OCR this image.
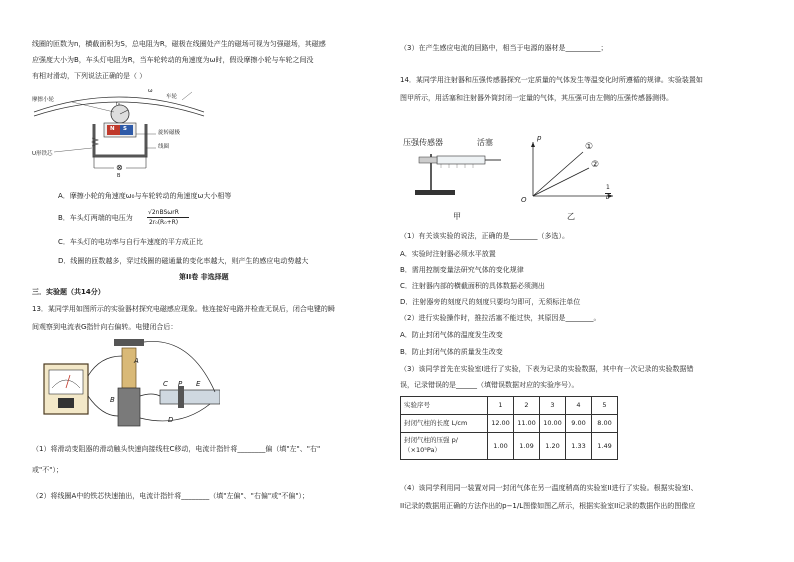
线圈的匝数为n，横截面积为S，总电阻为R，磁极在线圈处产生的磁场可视为匀强磁场，其磁感
应强度大小为B，车头灯电阻为R，当车轮转动的角速度为ω时，假设摩擦小轮与车轮之间没
有相对滑动，下列说法正确的是（ ）
摩擦小轮
ω
车轮
r₀
N S
旋转磁极
线圈
U形铁芯
⊗
B
A．摩擦小轮的角速度ω₀与车轮转动的角速度ω大小相等
B．车头灯两端的电压为
√2nBSωrR
2r₀(R₀+R)
C．车头灯的电功率与自行车速度的平方成正比
D．线圈的匝数越多，穿过线圈的磁通量的变化率越大，则产生的感应电动势越大
第II卷 非选择题
三．实验题（共14分）
13．某同学用如图所示的实验器材探究电磁感应现象。他连接好电路并检查无误后，闭合电键的瞬
间观察到电流表G指针向右偏转。电键闭合后：
A
B
C P E
D
（1）将滑动变阻器的滑动触头快速向接线柱C移动，电流计指针将________偏（填"左"、"右"
或"不"）；
（2）将线圈A中的铁芯快速抽出，电流计指针将________（填"左偏"、"右偏"或"不偏"）；
（3）在产生感应电流的回路中，相当于电源的器材是__________；
14．某同学用注射器和压强传感器探究一定质量的气体发生等温变化时所遵循的规律。实验装置如
图甲所示，用活塞和注射器外筒封闭一定量的气体，其压强可由左侧的压强传感器测得。
压强传感器	活塞
甲
p
O
1
L
①
②
乙
（1）有关该实验的说法，正确的是________（多选）。
A．实验时注射器必须水平放置
B．需用控制变量法研究气体的变化规律
C．注射器内部的横截面积的具体数据必须测出
D．注射器旁的刻度尺的刻度只要均匀即可，无须标注单位
（2）进行实验操作时，推拉活塞不能过快，其原因是________。
A．防止封闭气体的温度发生改变
B．防止封闭气体的质量发生改变
（3）该同学首先在实验室I进行了实验，下表为记录的实验数据，其中有一次记录的实验数据错
误，记录错误的是______（填错误数据对应的实验序号）。
实验序号	1	2	3	4	5
封闭气柱的长度 L/cm	12.00	11.00	10.00	9.00	8.00

封闭气柱的压强 p/
（×10⁵Pa）	1.00	1.09	1.20	1.33	1.49
（4）该同学利用同一装置对同一封闭气体在另一温度稍高的实验室II进行了实验。根据实验室I、
II记录的数据用正确的方法作出的p−1/L图像如图乙所示，根据实验室II记录的数据作出的图像应
